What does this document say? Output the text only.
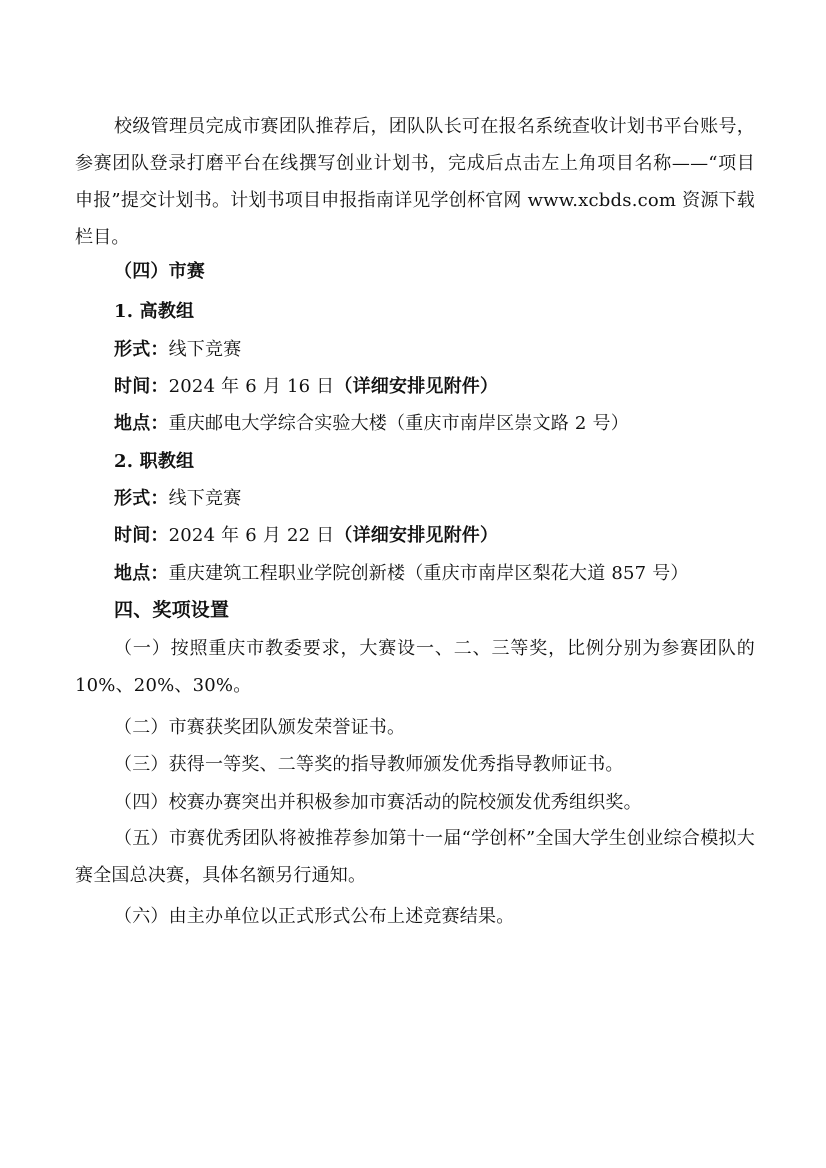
校级管理员完成市赛团队推荐后，团队队长可在报名系统查收计划书平台账号，参赛团队登录打磨平台在线撰写创业计划书，完成后点击左上角项目名称——“项目申报”提交计划书。计划书项目申报指南详见学创杯官网 www.xcbds.com 资源下载栏目。

（四）市赛
1. 高教组
形式：线下竞赛
时间：2024 年 6 月 16 日（详细安排见附件）
地点：重庆邮电大学综合实验大楼（重庆市南岸区崇文路 2 号）
2. 职教组
形式：线下竞赛
时间：2024 年 6 月 22 日（详细安排见附件）
地点：重庆建筑工程职业学院创新楼（重庆市南岸区梨花大道 857 号）
四、奖项设置

（一）按照重庆市教委要求，大赛设一、二、三等奖，比例分别为参赛团队的 10%、20%、30%。

（二）市赛获奖团队颁发荣誉证书。

（三）获得一等奖、二等奖的指导教师颁发优秀指导教师证书。

（四）校赛办赛突出并积极参加市赛活动的院校颁发优秀组织奖。

（五）市赛优秀团队将被推荐参加第十一届“学创杯”全国大学生创业综合模拟大赛全国总决赛，具体名额另行通知。

（六）由主办单位以正式形式公布上述竞赛结果。
